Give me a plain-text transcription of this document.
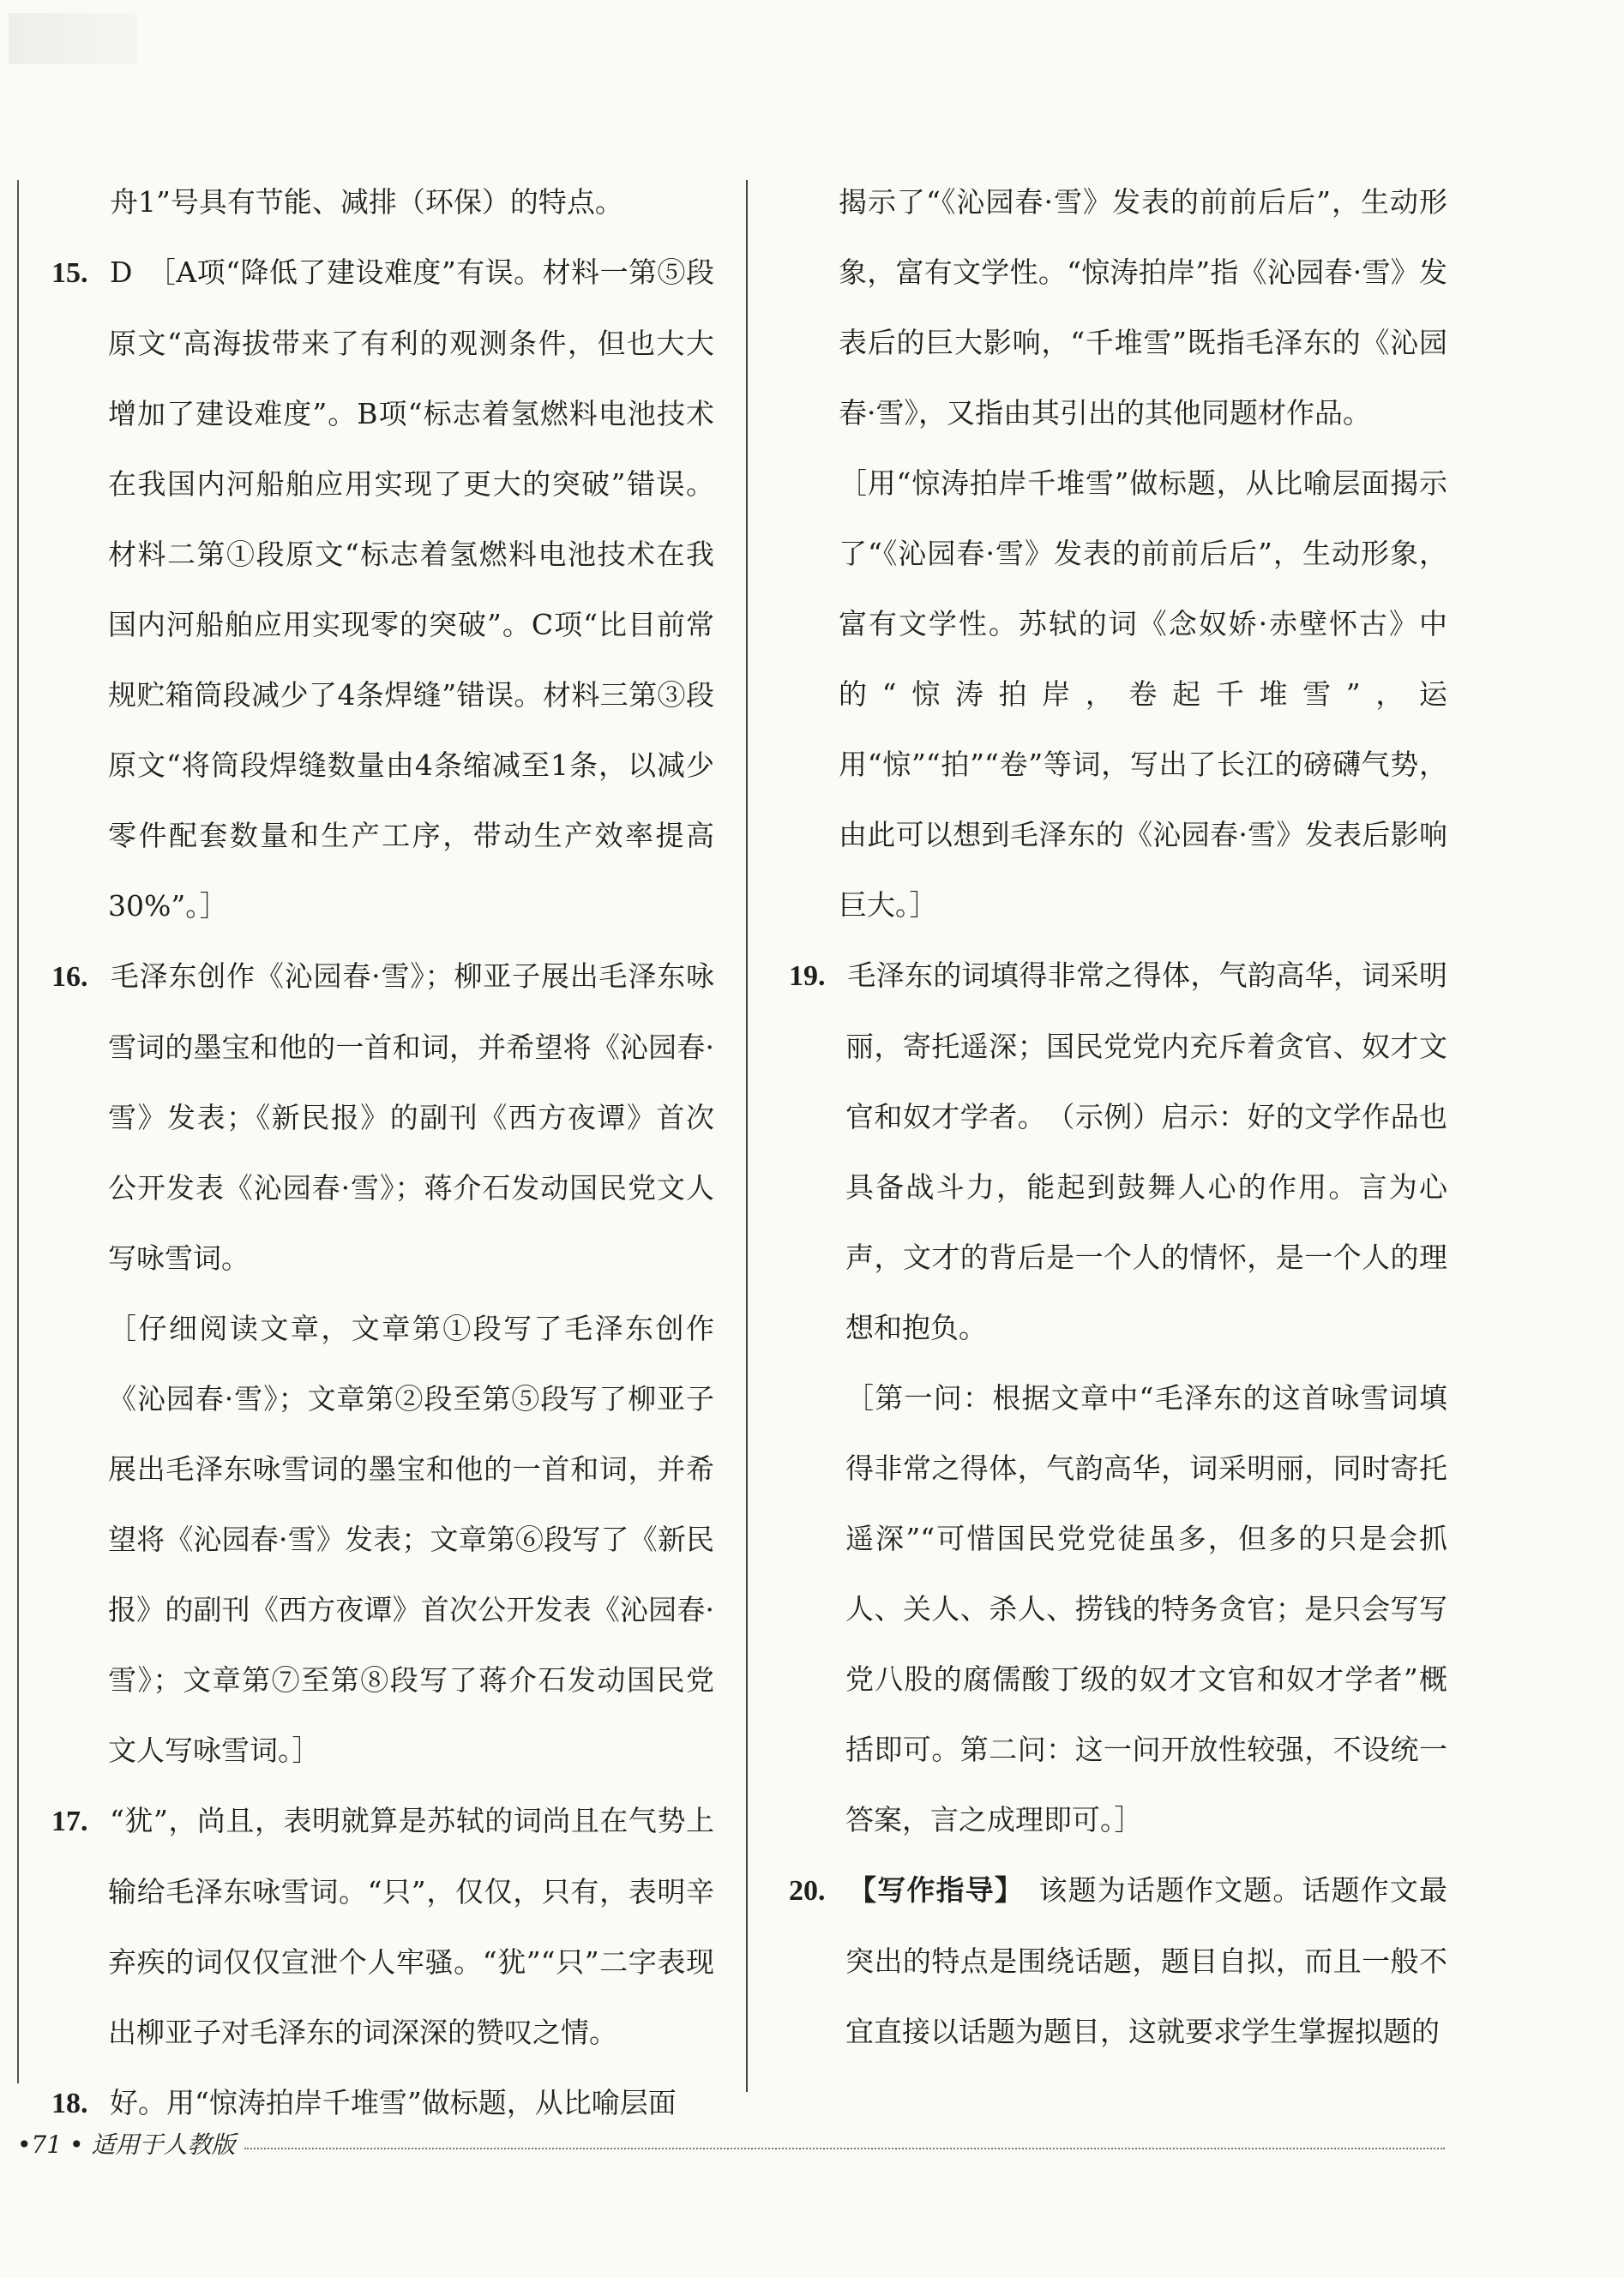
舟1”号具有节能、减排（环保）的特点。

15. D　［A项“降低了建设难度”有误。材料一第⑤段原文“高海拔带来了有利的观测条件，但也大大增加了建设难度”。B项“标志着氢燃料电池技术在我国内河船舶应用实现了更大的突破”错误。材料二第①段原文“标志着氢燃料电池技术在我国内河船舶应用实现零的突破”。C项“比目前常规贮箱筒段减少了4条焊缝”错误。材料三第③段原文“将筒段焊缝数量由4条缩减至1条，以减少零件配套数量和生产工序，带动生产效率提高30%”。］

16. 毛泽东创作《沁园春·雪》；柳亚子展出毛泽东咏雪词的墨宝和他的一首和词，并希望将《沁园春·雪》发表；《新民报》的副刊《西方夜谭》首次公开发表《沁园春·雪》；蒋介石发动国民党文人写咏雪词。

［仔细阅读文章，文章第①段写了毛泽东创作《沁园春·雪》；文章第②段至第⑤段写了柳亚子展出毛泽东咏雪词的墨宝和他的一首和词，并希望将《沁园春·雪》发表；文章第⑥段写了《新民报》的副刊《西方夜谭》首次公开发表《沁园春·雪》；文章第⑦至第⑧段写了蒋介石发动国民党文人写咏雪词。］

17. “犹”，尚且，表明就算是苏轼的词尚且在气势上输给毛泽东咏雪词。“只”，仅仅，只有，表明辛弃疾的词仅仅宣泄个人牢骚。“犹”“只”二字表现出柳亚子对毛泽东的词深深的赞叹之情。

18. 好。用“惊涛拍岸千堆雪”做标题，从比喻层面

揭示了“《沁园春·雪》发表的前前后后”，生动形象，富有文学性。“惊涛拍岸”指《沁园春·雪》发表后的巨大影响，“千堆雪”既指毛泽东的《沁园春·雪》，又指由其引出的其他同题材作品。

［用“惊涛拍岸千堆雪”做标题，从比喻层面揭示了“《沁园春·雪》发表的前前后后”，生动形象，富有文学性。苏轼的词《念奴娇·赤壁怀古》中的“惊涛拍岸，卷起千堆雪”，运用“惊”“拍”“卷”等词，写出了长江的磅礴气势，由此可以想到毛泽东的《沁园春·雪》发表后影响巨大。］

19. 毛泽东的词填得非常之得体，气韵高华，词采明丽，寄托遥深；国民党党内充斥着贪官、奴才文官和奴才学者。　（示例）启示：好的文学作品也具备战斗力，能起到鼓舞人心的作用。言为心声，文才的背后是一个人的情怀，是一个人的理想和抱负。

［第一问：根据文章中“毛泽东的这首咏雪词填得非常之得体，气韵高华，词采明丽，同时寄托遥深”“可惜国民党党徒虽多，但多的只是会抓人、关人、杀人、捞钱的特务贪官；是只会写写党八股的腐儒酸丁级的奴才文官和奴才学者”概括即可。第二问：这一问开放性较强，不设统一答案，言之成理即可。］

20. 【写作指导】　该题为话题作文题。话题作文最突出的特点是围绕话题，题目自拟，而且一般不宜直接以话题为题目，这就要求学生掌握拟题的

•71 • 适用于人教版
